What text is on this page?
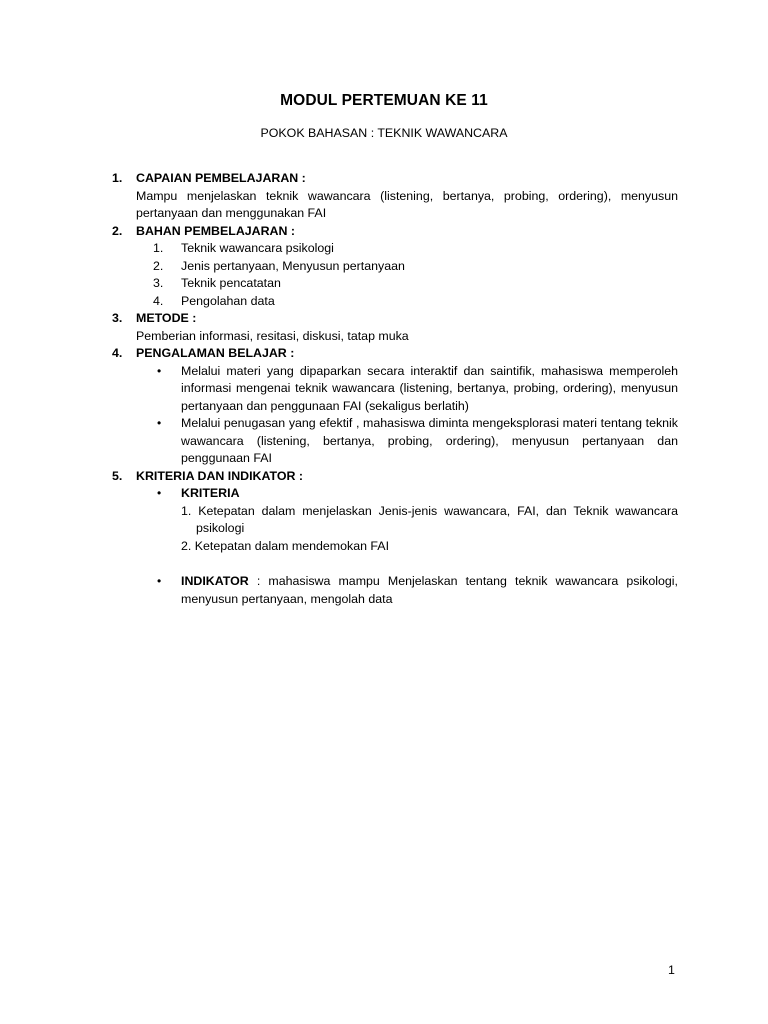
MODUL PERTEMUAN KE 11
POKOK BAHASAN : TEKNIK WAWANCARA
1. CAPAIAN PEMBELAJARAN :
Mampu menjelaskan teknik wawancara (listening, bertanya, probing, ordering), menyusun pertanyaan dan menggunakan FAI
2. BAHAN PEMBELAJARAN :
1. Teknik wawancara psikologi
2. Jenis pertanyaan, Menyusun pertanyaan
3. Teknik pencatatan
4. Pengolahan data
3. METODE :
Pemberian informasi, resitasi, diskusi, tatap muka
4. PENGALAMAN BELAJAR :
• Melalui materi yang dipaparkan secara interaktif dan saintifik, mahasiswa memperoleh informasi mengenai teknik wawancara (listening, bertanya, probing, ordering), menyusun pertanyaan dan penggunaan FAI (sekaligus berlatih)
• Melalui penugasan yang efektif , mahasiswa diminta mengeksplorasi materi tentang teknik wawancara (listening, bertanya, probing, ordering), menyusun pertanyaan dan penggunaan FAI
5. KRITERIA DAN INDIKATOR :
• KRITERIA
1. Ketepatan dalam menjelaskan Jenis-jenis wawancara, FAI, dan Teknik wawancara psikologi
2. Ketepatan dalam mendemokan FAI
• INDIKATOR : mahasiswa mampu Menjelaskan tentang teknik wawancara psikologi, menyusun pertanyaan, mengolah data
1
